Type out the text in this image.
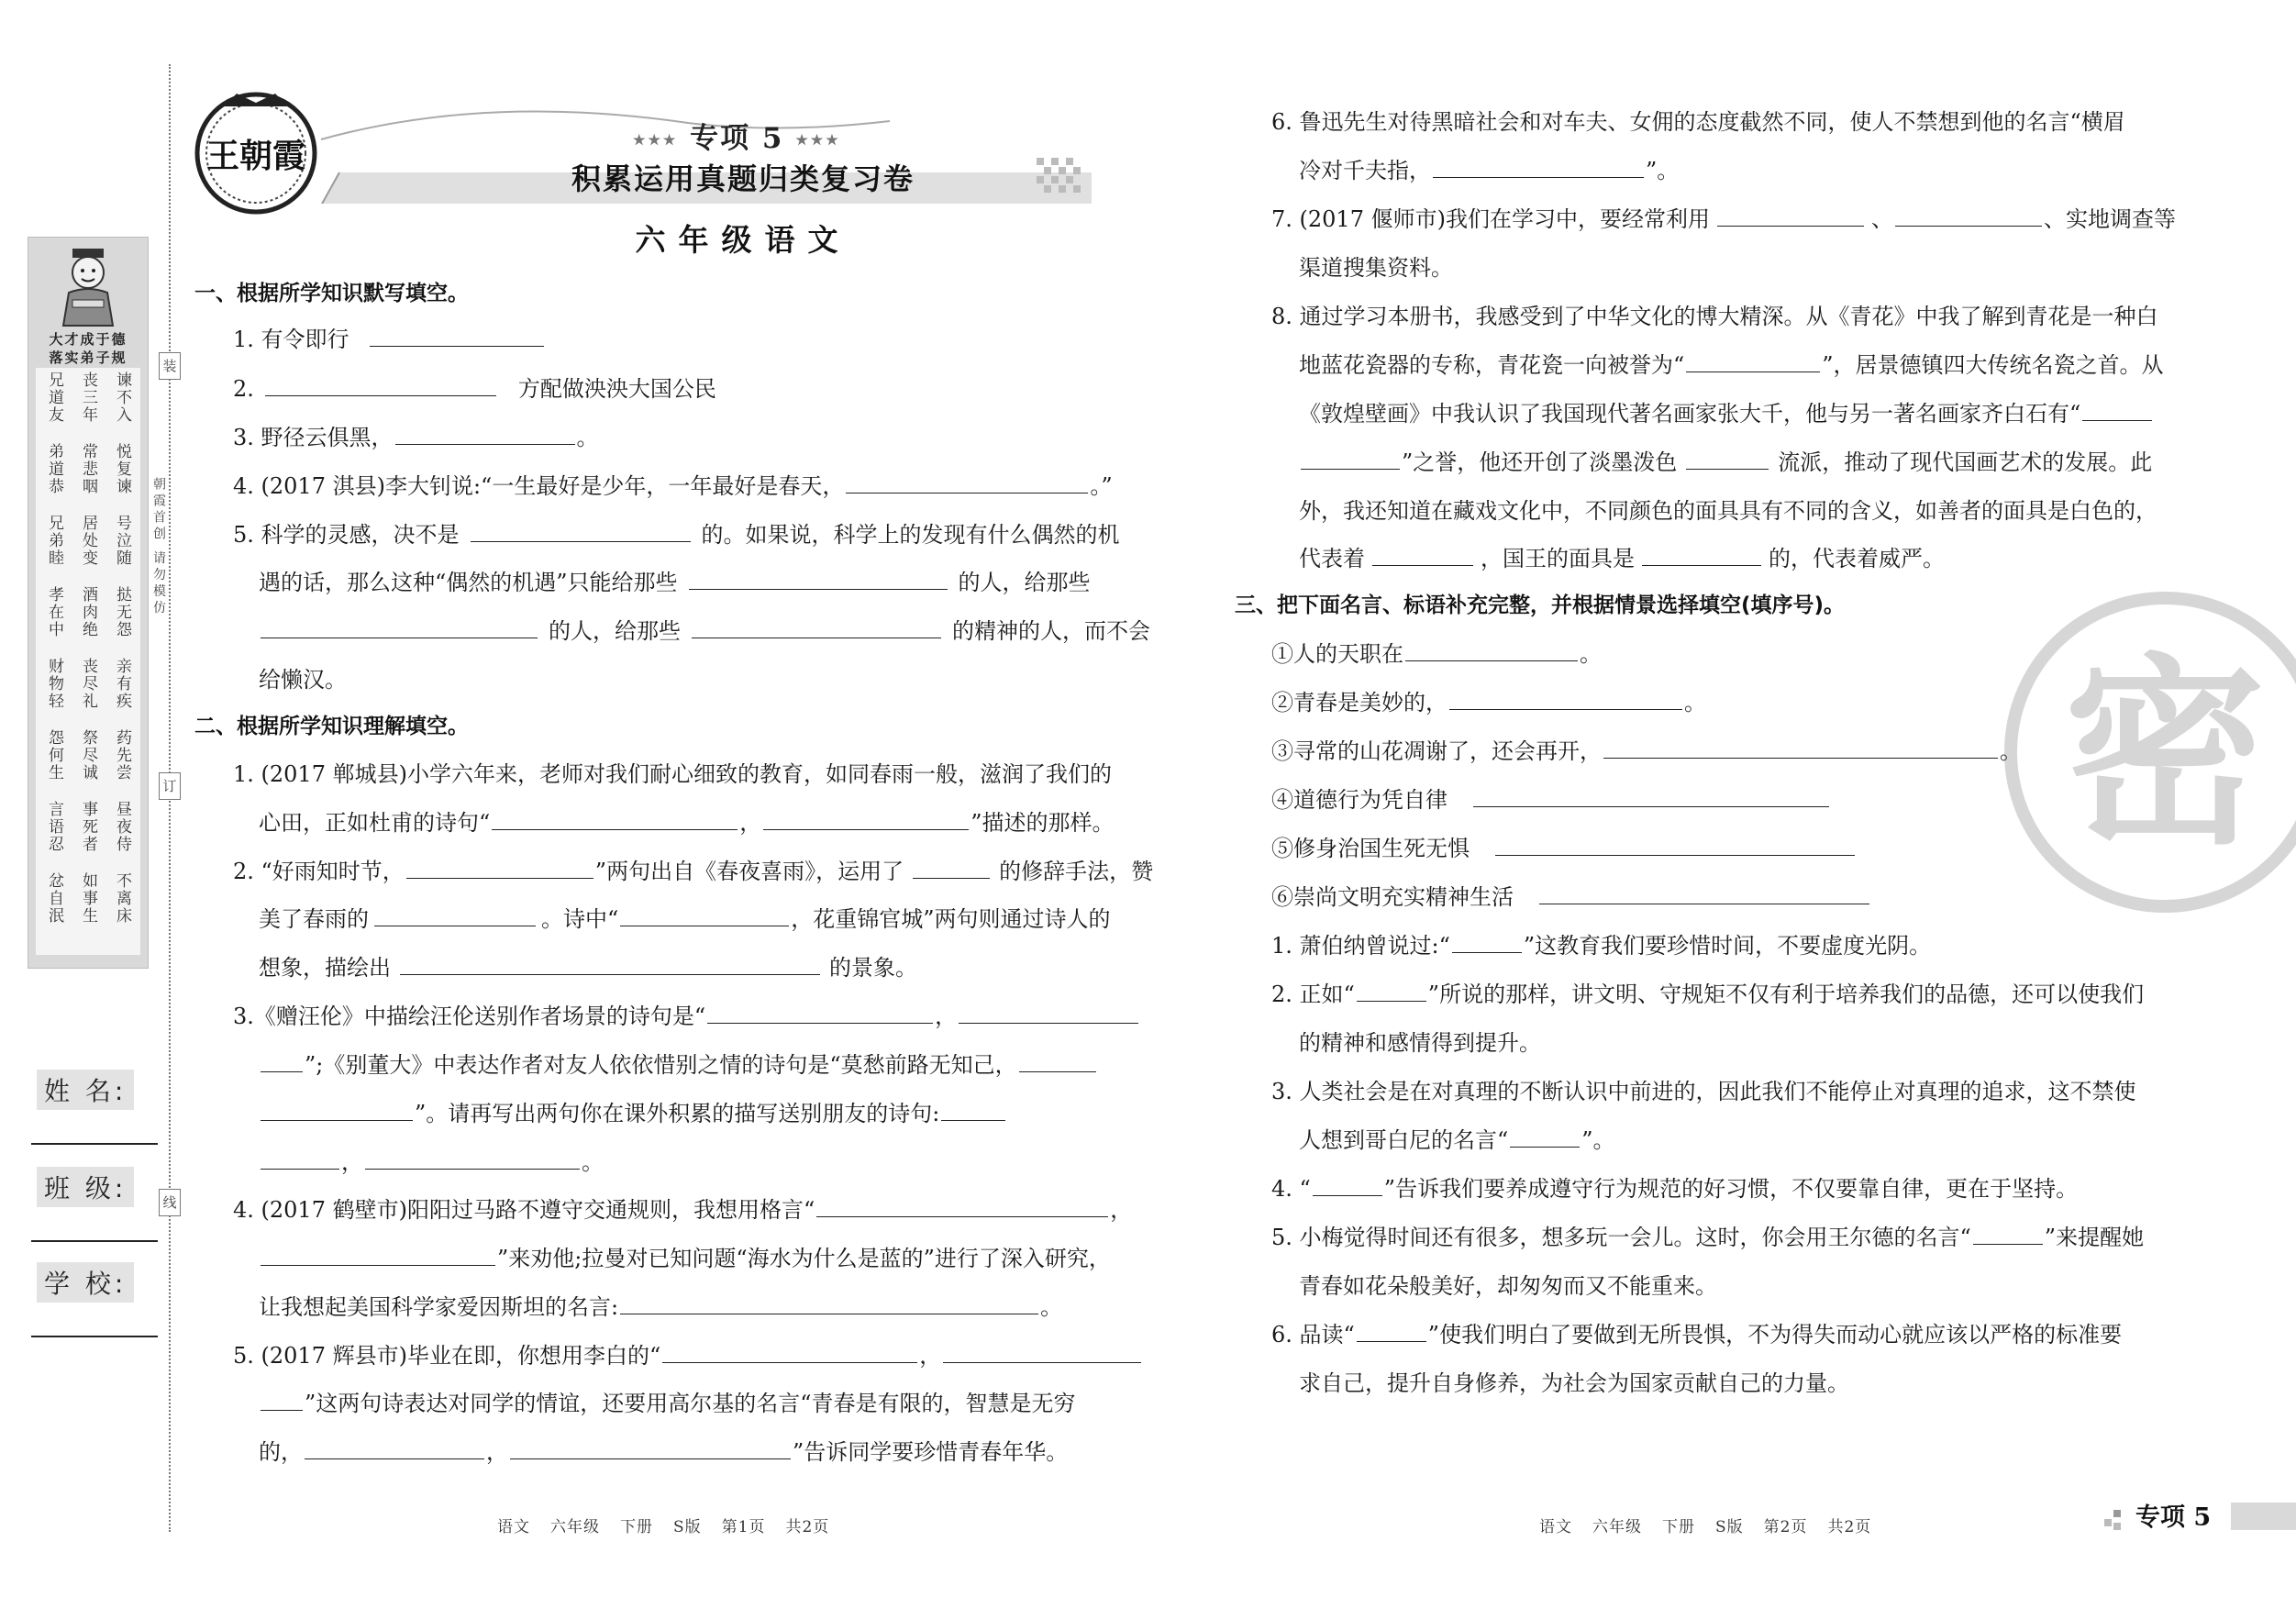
大才成于德
落实弟子规
兄道友 丧三年 谏不入
弟道恭 常悲咽 悦复谏
兄弟睦 居处变 号泣随
孝在中 酒肉绝 挞无怨
财物轻 丧尽礼 亲有疾
怨何生 祭尽诚 药先尝
言语忍 事死者 昼夜侍
忿自泯 如事生 不离床
装
订
线
朝霞首创 请勿模仿
姓 名:
班 级:
学 校:
王朝霞	★★★ 专项 5 ★★★
积累运用真题归类复习卷
六年级语文
一、根据所学知识默写填空。
1. 有令即行
2.	方配做泱泱大国公民
3. 野径云俱黑，	。
4. (2017 淇县)李大钊说:“一生最好是少年，一年最好是春天，	。”
5. 科学的灵感，决不是	的。如果说，科学上的发现有什么偶然的机
遇的话，那么这种“偶然的机遇”只能给那些	的人，给那些
的人，给那些	的精神的人，而不会
给懒汉。
二、根据所学知识理解填空。
1. (2017 郸城县)小学六年来，老师对我们耐心细致的教育，如同春雨一般，滋润了我们的
心田，正如杜甫的诗句“	，	”描述的那样。
2. “好雨知时节，	”两句出自《春夜喜雨》，运用了	的修辞手法，赞
美了春雨的	。诗中“	，花重锦官城”两句则通过诗人的
想象，描绘出	的景象。
3.《赠汪伦》中描绘汪伦送别作者场景的诗句是“	，
”;《别董大》中表达作者对友人依依惜别之情的诗句是“莫愁前路无知己，
”。请再写出两句你在课外积累的描写送别朋友的诗句:
，	。
4. (2017 鹤壁市)阳阳过马路不遵守交通规则，我想用格言“	，
”来劝他;拉曼对已知问题“海水为什么是蓝的”进行了深入研究，
让我想起美国科学家爱因斯坦的名言:	。
5. (2017 辉县市)毕业在即，你想用李白的“	，
”这两句诗表达对同学的情谊，还要用高尔基的名言“青春是有限的，智慧是无穷
的，	，	”告诉同学要珍惜青春年华。
语文 六年级 下册 S版 第1页 共2页
密
6. 鲁迅先生对待黑暗社会和对车夫、女佣的态度截然不同，使人不禁想到他的名言“横眉
冷对千夫指，	”。
7. (2017 偃师市)我们在学习中，要经常利用	、	、实地调查等
渠道搜集资料。
8. 通过学习本册书，我感受到了中华文化的博大精深。从《青花》中我了解到青花是一种白
地蓝花瓷器的专称，青花瓷一向被誉为“	”，居景德镇四大传统名瓷之首。从
《敦煌壁画》中我认识了我国现代著名画家张大千，他与另一著名画家齐白石有“
”之誉，他还开创了淡墨泼色	流派，推动了现代国画艺术的发展。此
外，我还知道在藏戏文化中，不同颜色的面具具有不同的含义，如善者的面具是白色的，
代表着	，国王的面具是	的，代表着威严。
三、把下面名言、标语补充完整，并根据情景选择填空(填序号)。
①人的天职在	。
②青春是美妙的，	。
③寻常的山花凋谢了，还会再开，	。
④道德行为凭自律
⑤修身治国生死无惧
⑥崇尚文明充实精神生活
1. 萧伯纳曾说过:“	”这教育我们要珍惜时间，不要虚度光阴。
2. 正如“	”所说的那样，讲文明、守规矩不仅有利于培养我们的品德，还可以使我们
的精神和感情得到提升。
3. 人类社会是在对真理的不断认识中前进的，因此我们不能停止对真理的追求，这不禁使
人想到哥白尼的名言“	”。
4. “	”告诉我们要养成遵守行为规范的好习惯，不仅要靠自律，更在于坚持。
5. 小梅觉得时间还有很多，想多玩一会儿。这时，你会用王尔德的名言“	”来提醒她
青春如花朵般美好，却匆匆而又不能重来。
6. 品读“	”使我们明白了要做到无所畏惧，不为得失而动心就应该以严格的标准要
求自己，提升自身修养，为社会为国家贡献自己的力量。
语文 六年级 下册 S版 第2页 共2页	专项 5
